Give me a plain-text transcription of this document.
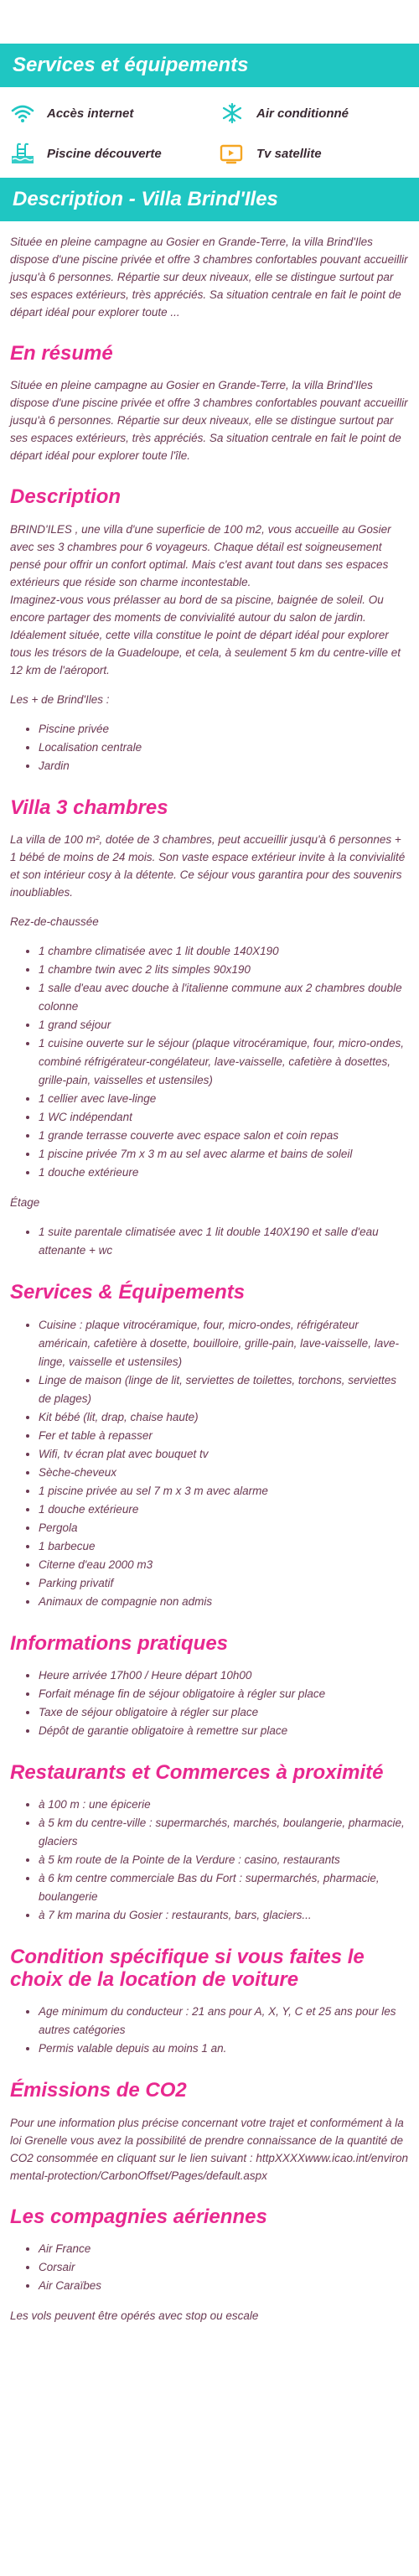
Services et équipements
Accès internet	Air conditionné
Piscine découverte	Tv satellite
Description - Villa Brind'Iles

Située en pleine campagne au Gosier en Grande-Terre, la villa Brind'Iles dispose d'une piscine privée et offre 3 chambres confortables pouvant accueillir jusqu'à 6 personnes. Répartie sur deux niveaux, elle se distingue surtout par ses espaces extérieurs, très appréciés. Sa situation centrale en fait le point de départ idéal pour explorer toute ...

En résumé

Située en pleine campagne au Gosier en Grande-Terre, la villa Brind'Iles dispose d'une piscine privée et offre 3 chambres confortables pouvant accueillir jusqu'à 6 personnes. Répartie sur deux niveaux, elle se distingue surtout par ses espaces extérieurs, très appréciés. Sa situation centrale en fait le point de départ idéal pour explorer toute l'île.

Description

BRIND'ILES , une villa d'une superficie de 100 m2, vous accueille au Gosier avec ses 3 chambres pour 6 voyageurs. Chaque détail est soigneusement pensé pour offrir un confort optimal. Mais c'est avant tout dans ses espaces extérieurs que réside son charme incontestable.
Imaginez-vous vous prélasser au bord de sa piscine, baignée de soleil. Ou encore partager des moments de convivialité autour du salon de jardin. Idéalement située, cette villa constitue le point de départ idéal pour explorer tous les trésors de la Guadeloupe, et cela, à seulement 5 km du centre-ville et 12 km de l'aéroport.

Les + de Brind'Iles :

• Piscine privée
• Localisation centrale
• Jardin
Villa 3 chambres

La villa de 100 m², dotée de 3 chambres, peut accueillir jusqu'à 6 personnes + 1 bébé de moins de 24 mois. Son vaste espace extérieur invite à la convivialité et son intérieur cosy à la détente. Ce séjour vous garantira pour des souvenirs inoubliables.

Rez-de-chaussée

• 1 chambre climatisée avec 1 lit double 140X190
• 1 chambre twin avec 2 lits simples 90x190
• 1 salle d'eau avec douche à l'italienne commune aux 2 chambres double colonne
• 1 grand séjour
• 1 cuisine ouverte sur le séjour (plaque vitrocéramique, four, micro-ondes, combiné réfrigérateur-congélateur, lave-vaisselle, cafetière à dosettes, grille-pain, vaisselles et ustensiles)
• 1 cellier avec lave-linge
• 1 WC indépendant
• 1 grande terrasse couverte avec espace salon et coin repas
• 1 piscine privée 7m x 3 m au sel avec alarme et bains de soleil
• 1 douche extérieure

Étage

• 1 suite parentale climatisée avec 1 lit double 140X190 et salle d'eau attenante + wc
Services & Équipements
• Cuisine : plaque vitrocéramique, four, micro-ondes, réfrigérateur américain, cafetière à dosette, bouilloire, grille-pain, lave-vaisselle, lave-linge, vaisselle et ustensiles)
• Linge de maison (linge de lit, serviettes de toilettes, torchons, serviettes de plages)
• Kit bébé (lit, drap, chaise haute)
• Fer et table à repasser
• Wifi, tv écran plat avec bouquet tv
• Sèche-cheveux
• 1 piscine privée au sel 7 m x 3 m avec alarme
• 1 douche extérieure
• Pergola
• 1 barbecue
• Citerne d'eau 2000 m3
• Parking privatif
• Animaux de compagnie non admis
Informations pratiques
• Heure arrivée 17h00 / Heure départ 10h00
• Forfait ménage fin de séjour obligatoire à régler sur place
• Taxe de séjour obligatoire à régler sur place
• Dépôt de garantie obligatoire à remettre sur place
Restaurants et Commerces à proximité
• à 100 m : une épicerie
• à 5 km du centre-ville : supermarchés, marchés, boulangerie, pharmacie, glaciers
• à 5 km route de la Pointe de la Verdure : casino, restaurants
• à 6 km centre commerciale Bas du Fort : supermarchés, pharmacie, boulangerie
• à 7 km marina du Gosier : restaurants, bars, glaciers...
Condition spécifique si vous faites le choix de la location de voiture
• Age minimum du conducteur : 21 ans pour A, X, Y, C et 25 ans pour les autres catégories
• Permis valable depuis au moins 1 an.
Émissions de CO2

Pour une information plus précise concernant votre trajet et conformément à la loi Grenelle vous avez la possibilité de prendre connaissance de la quantité de CO2 consommée en cliquant sur le lien suivant : httpXXXXwww.icao.int/environmental-protection/CarbonOffset/Pages/default.aspx

Les compagnies aériennes
• Air France
• Corsair
• Air Caraïbes

Les vols peuvent être opérés avec stop ou escale
